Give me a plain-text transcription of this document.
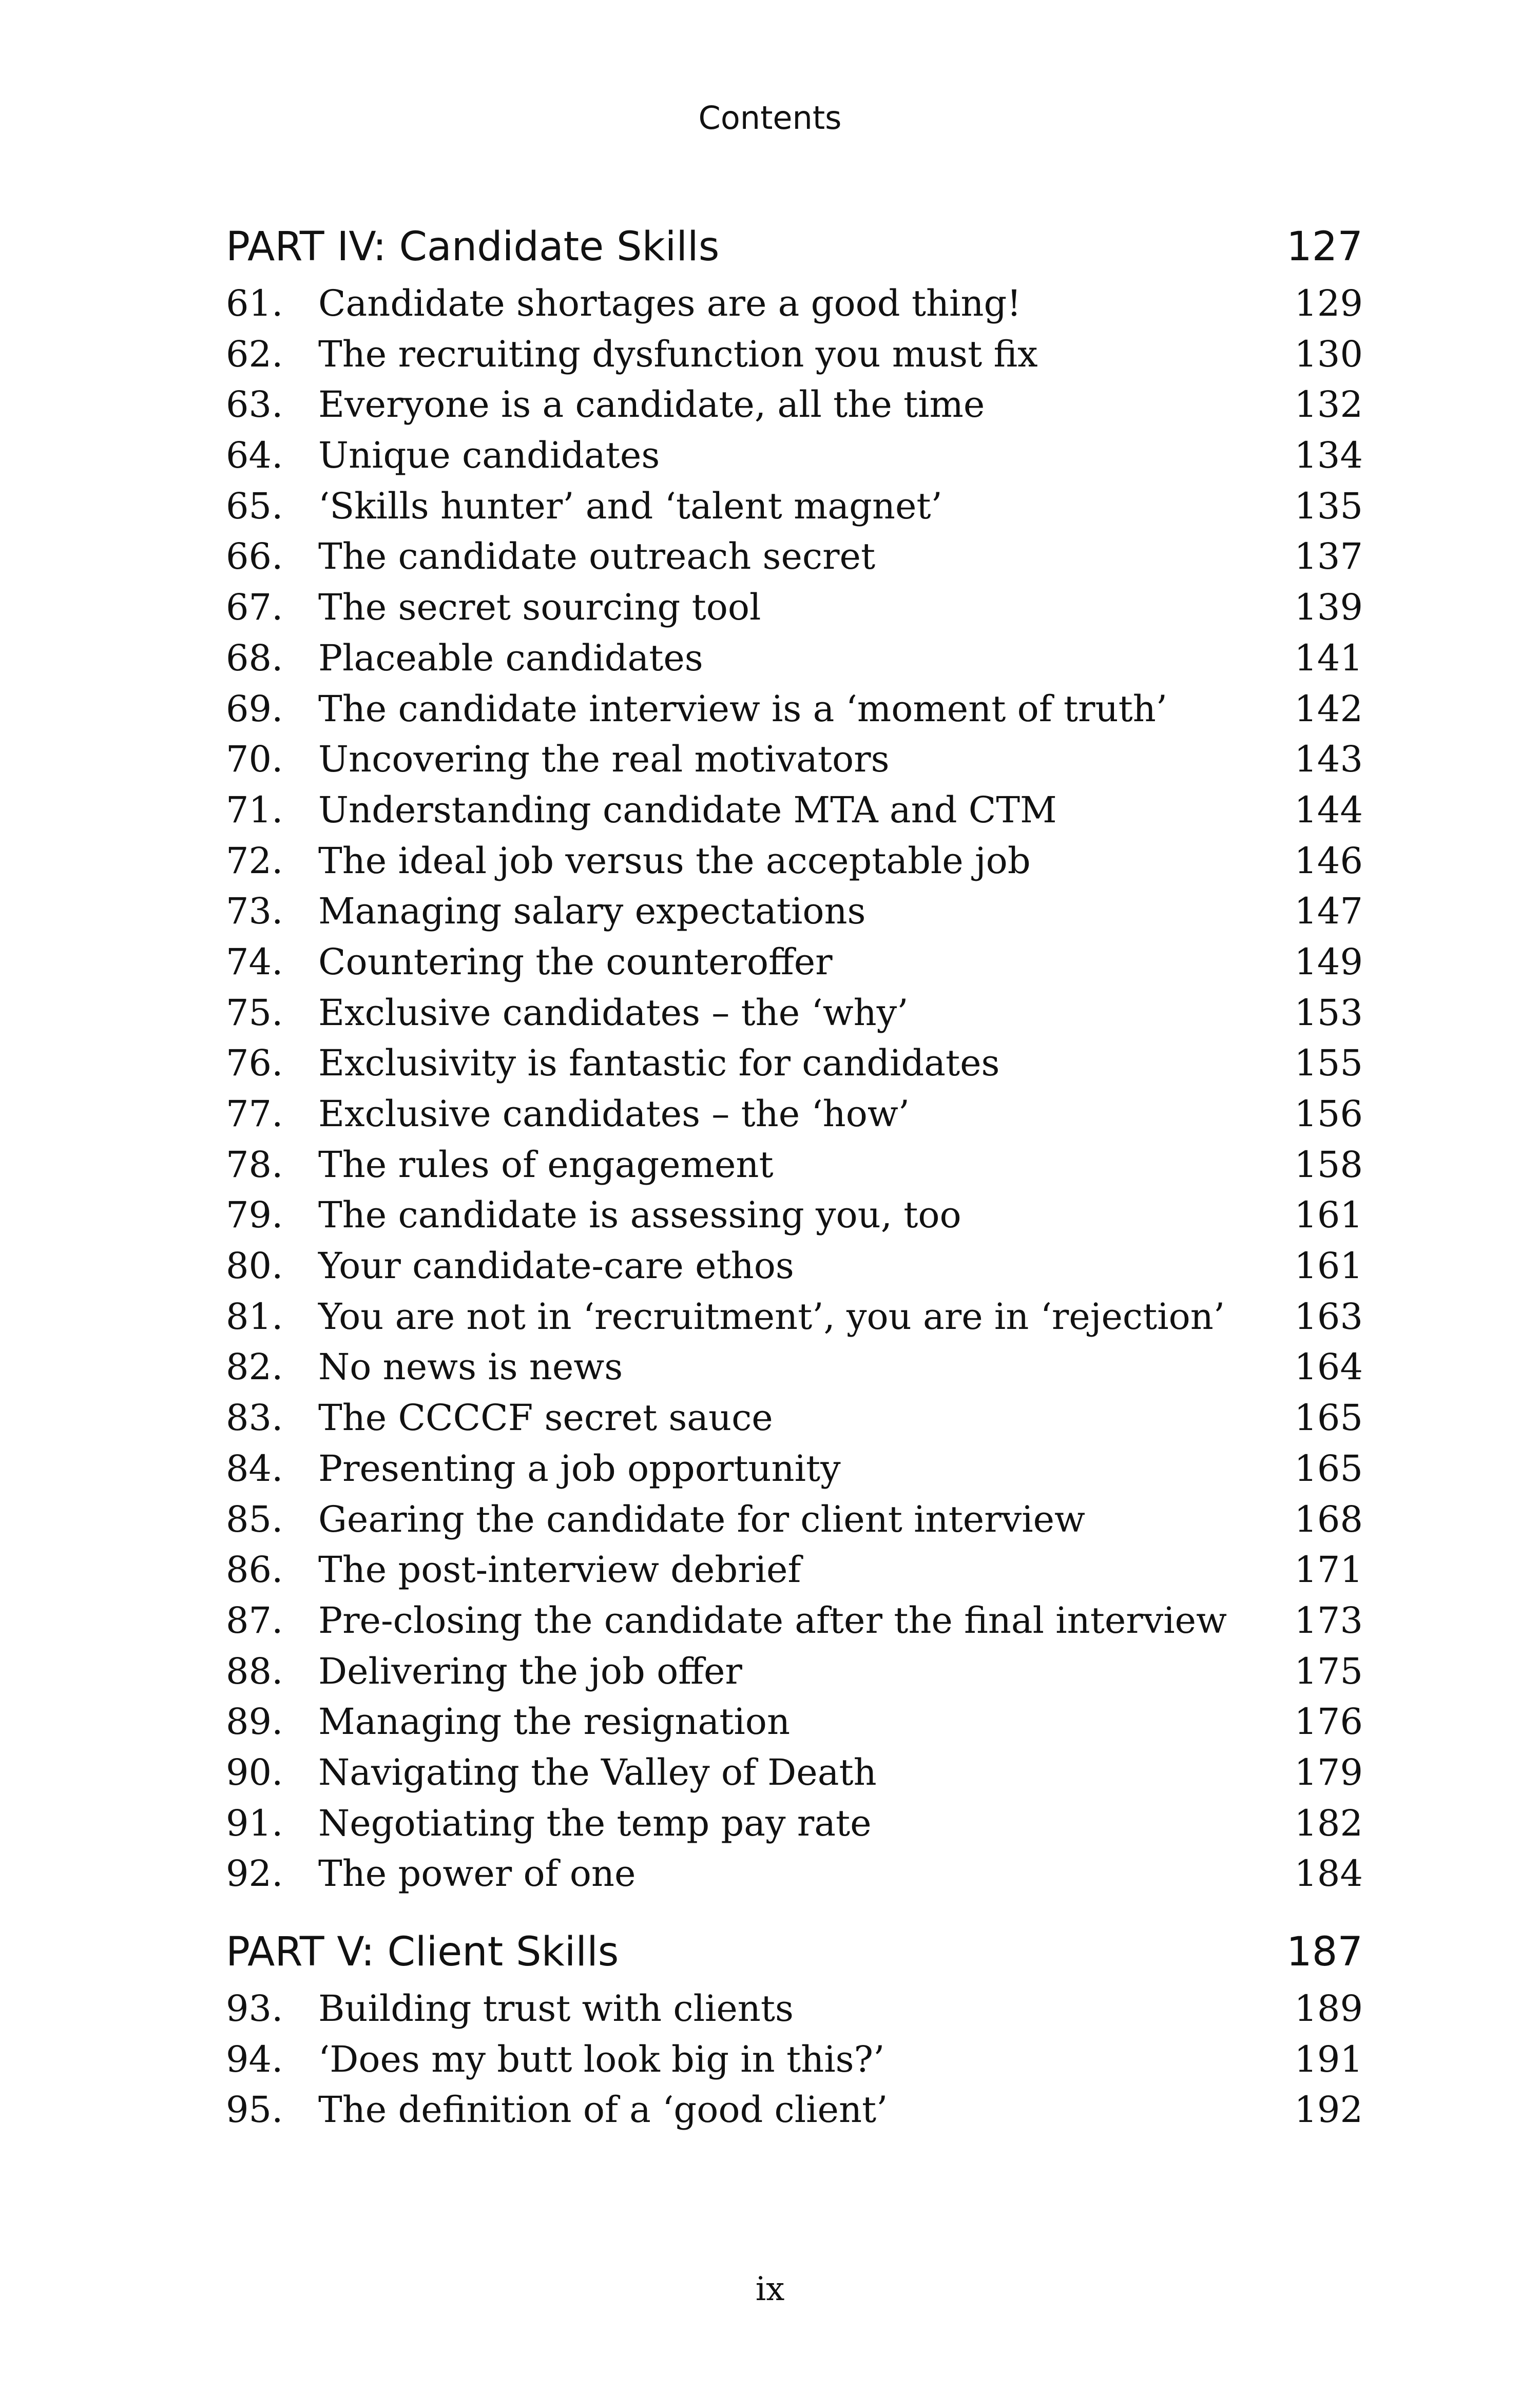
Contents
PART IV: Candidate Skills	127
61. Candidate shortages are a good thing!	129
62. The recruiting dysfunction you must fix	130
63. Everyone is a candidate, all the time	132
64. Unique candidates	134
65. ‘Skills hunter’ and ‘talent magnet’	135
66. The candidate outreach secret	137
67. The secret sourcing tool	139
68. Placeable candidates	141
69. The candidate interview is a ‘moment of truth’	142
70. Uncovering the real motivators	143
71. Understanding candidate MTA and CTM	144
72. The ideal job versus the acceptable job	146
73. Managing salary expectations	147
74. Countering the counteroffer	149
75. Exclusive candidates – the ‘why’	153
76. Exclusivity is fantastic for candidates	155
77. Exclusive candidates – the ‘how’	156
78. The rules of engagement	158
79. The candidate is assessing you, too	161
80. Your candidate-care ethos	161
81. You are not in ‘recruitment’, you are in ‘rejection’	163
82. No news is news	164
83. The CCCCF secret sauce	165
84. Presenting a job opportunity	165
85. Gearing the candidate for client interview	168
86. The post-interview debrief	171
87. Pre-closing the candidate after the final interview	173
88. Delivering the job offer	175
89. Managing the resignation	176
90. Navigating the Valley of Death	179
91. Negotiating the temp pay rate	182
92. The power of one	184
PART V: Client Skills	187
93. Building trust with clients	189
94. ‘Does my butt look big in this?’	191
95. The definition of a ‘good client’	192
ix
